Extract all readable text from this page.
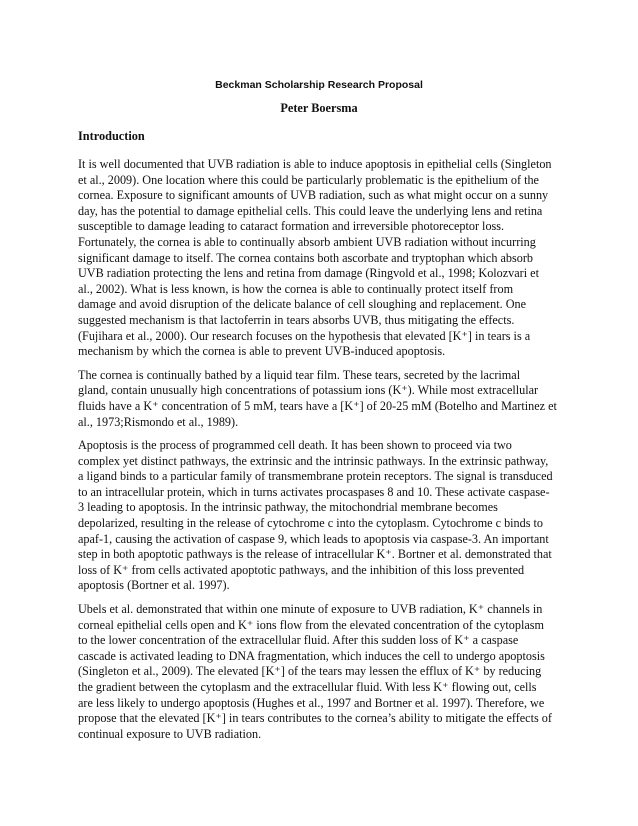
Beckman Scholarship Research Proposal
Peter Boersma
Introduction

It is well documented that UVB radiation is able to induce apoptosis in epithelial cells (Singleton
et al., 2009). One location where this could be particularly problematic is the epithelium of the
cornea. Exposure to significant amounts of UVB radiation, such as what might occur on a sunny
day, has the potential to damage epithelial cells. This could leave the underlying lens and retina
susceptible to damage leading to cataract formation and irreversible photoreceptor loss.
Fortunately, the cornea is able to continually absorb ambient UVB radiation without incurring
significant damage to itself. The cornea contains both ascorbate and tryptophan which absorb
UVB radiation protecting the lens and retina from damage (Ringvold et al., 1998; Kolozvari et
al., 2002). What is less known, is how the cornea is able to continually protect itself from
damage and avoid disruption of the delicate balance of cell sloughing and replacement. One
suggested mechanism is that lactoferrin in tears absorbs UVB, thus mitigating the effects.
(Fujihara et al., 2000). Our research focuses on the hypothesis that elevated [K⁺] in tears is a
mechanism by which the cornea is able to prevent UVB-induced apoptosis.

The cornea is continually bathed by a liquid tear film. These tears, secreted by the lacrimal
gland, contain unusually high concentrations of potassium ions (K⁺). While most extracellular
fluids have a K⁺ concentration of 5 mM, tears have a [K⁺] of 20-25 mM (Botelho and Martinez et
al., 1973;Rismondo et al., 1989).

Apoptosis is the process of programmed cell death. It has been shown to proceed via two
complex yet distinct pathways, the extrinsic and the intrinsic pathways. In the extrinsic pathway,
a ligand binds to a particular family of transmembrane protein receptors. The signal is transduced
to an intracellular protein, which in turns activates procaspases 8 and 10. These activate caspase-
3 leading to apoptosis. In the intrinsic pathway, the mitochondrial membrane becomes
depolarized, resulting in the release of cytochrome c into the cytoplasm. Cytochrome c binds to
apaf-1, causing the activation of caspase 9, which leads to apoptosis via caspase-3. An important
step in both apoptotic pathways is the release of intracellular K⁺. Bortner et al. demonstrated that
loss of K⁺ from cells activated apoptotic pathways, and the inhibition of this loss prevented
apoptosis (Bortner et al. 1997).

Ubels et al. demonstrated that within one minute of exposure to UVB radiation, K⁺ channels in
corneal epithelial cells open and K⁺ ions flow from the elevated concentration of the cytoplasm
to the lower concentration of the extracellular fluid. After this sudden loss of K⁺ a caspase
cascade is activated leading to DNA fragmentation, which induces the cell to undergo apoptosis
(Singleton et al., 2009). The elevated [K⁺] of the tears may lessen the efflux of K⁺ by reducing
the gradient between the cytoplasm and the extracellular fluid. With less K⁺ flowing out, cells
are less likely to undergo apoptosis (Hughes et al., 1997 and Bortner et al. 1997). Therefore, we
propose that the elevated [K⁺] in tears contributes to the cornea’s ability to mitigate the effects of
continual exposure to UVB radiation.
